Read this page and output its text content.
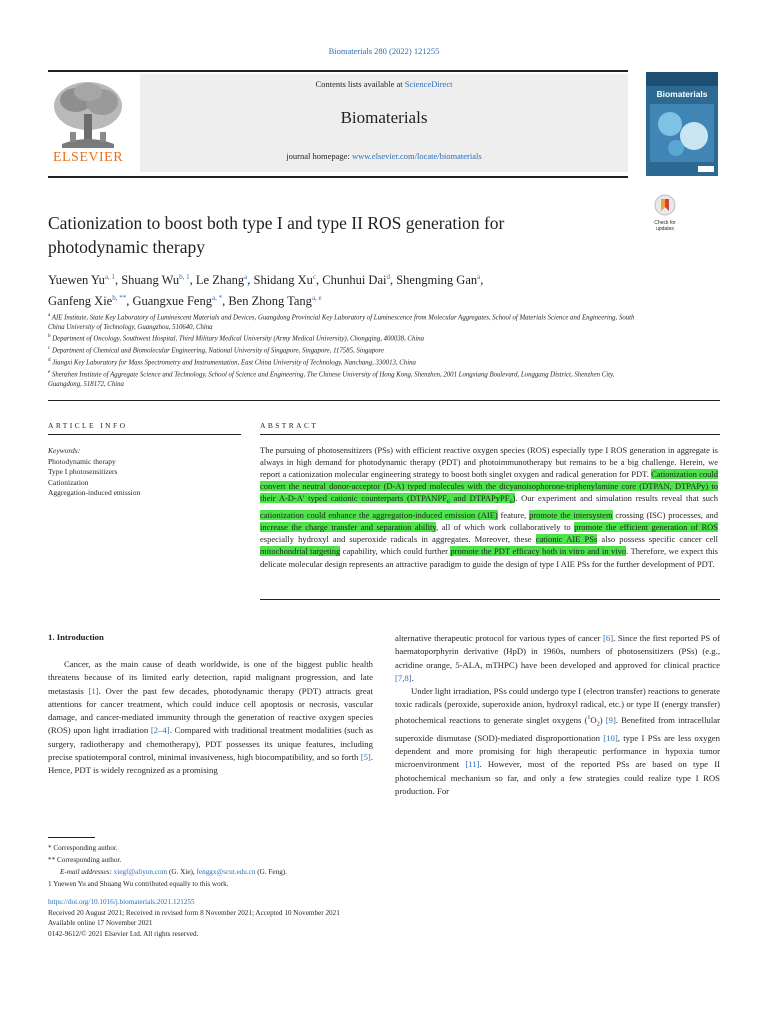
Biomaterials 280 (2022) 121255
Contents lists available at ScienceDirect
Biomaterials
journal homepage: www.elsevier.com/locate/biomaterials
ELSEVIER
Biomaterials
Check for updates
Cationization to boost both type I and type II ROS generation for
photodynamic therapy
Yuewen Yu$^{a, 1}$, Shuang Wu$^{b, 1}$, Le Zhang$^a$, Shidang Xu$^c$, Chunhui Dai$^d$, Shengming Gan$^a$,
Ganfeng Xie$^{b, **}$, Guangxue Feng$^{a, *}$, Ben Zhong Tang$^{a, e}$
$^a$ AIE Institute, State Key Laboratory of Luminescent Materials and Devices, Guangdong Provincial Key Laboratory of Luminescence from Molecular Aggregates, School of Materials Science and Engineering, South China University of Technology, Guangzhou, 510640, China
$^b$ Department of Oncology, Southwest Hospital, Third Military Medical University (Army Medical University), Chongqing, 400038, China
$^c$ Department of Chemical and Biomolecular Engineering, National University of Singapore, Singapore, 117585, Singapore
$^d$ Jiangxi Key Laboratory for Mass Spectrometry and Instrumentation, East China University of Technology, Nanchang, 330013, China
$^e$ Shenzhen Institute of Aggregate Science and Technology, School of Science and Engineering, The Chinese University of Hong Kong, Shenzhen, 2001 Longxiang Boulevard, Longgang District, Shenzhen City, Guangdong, 518172, China
ARTICLE INFO
Keywords:
Photodynamic therapy
Type I photosensitizers
Cationization
Aggregation-induced emission
ABSTRACT
The pursuing of photosensitizers (PSs) with efficient reactive oxygen species (ROS) especially type I ROS generation in aggregate is always in high demand for photodynamic therapy (PDT) and photoimmunotherapy but remains to be a big challenge. Herein, we report a cationization molecular engineering strategy to boost both singlet oxygen and radical generation for PDT. Cationization could convert the neutral donor-acceptor (D-A) typed molecules with the dicyanoisophorone-triphenylamine core (DTPAN, DTPAPy) to their A-D-A' typed cationic counterparts ($DTPANPF_6$ and DTPAPyPF$_6$). Our experiment and simulation results reveal that such cationization could enhance the aggregation-induced emission (AIE) feature, promote the intersystem crossing (ISC) processes, and increase the charge transfer and separation ability, all of which work collaboratively to promote the efficient generation of ROS especially hydroxyl and superoxide radicals in aggregates. Moreover, these cationic AIE PSs also possess specific cancer cell mitochondrial targeting capability, which could further promote the PDT efficacy both in vitro and in vivo. Therefore, we expect this delicate molecular design represents an attractive paradigm to guide the design of type I AIE PSs for the further development of PDT.
1. Introduction

Cancer, as the main cause of death worldwide, is one of the biggest public health threatens because of its limited early detection, rapid malignant progression, and late metastasis [1]. Over the past few decades, photodynamic therapy (PDT) attracts great attentions for cancer treatment, which could induce cell apoptosis or necrosis, vascular damage, and cancer-mediated immunity through the generation of reactive oxygen species (ROS) upon light irradiation [2–4]. Compared with traditional treatment modalities (such as surgery, radiotherapy and chemotherapy), PDT possesses its unique features, including precise spatiotemporal control, minimal invasiveness, high biocompatibility, and so forth [5]. Hence, PDT is widely recognized as a promising

alternative therapeutic protocol for various types of cancer [6]. Since the first reported PS of haematoporphyrin derivative (HpD) in 1960s, numbers of photosensitizers (PSs) (e.g., acridine orange, 5-ALA, mTHPC) have been developed and approved for clinical practice [7,8].

Under light irradiation, PSs could undergo type I (electron transfer) reactions to generate toxic radicals (peroxide, superoxide anion, hydroxyl radical, etc.) or type II (energy transfer) photochemical reactions to generate singlet oxygens $(^1O_2)$ [9]. Benefited from intracellular superoxide dismutase (SOD)-mediated disproportionation [10], type I PSs are less oxygen dependent and more promising for high therapeutic performance in hypoxia tumor microenvironment [11]. However, most of the reported PSs are based on type II photochemical mechanism so far, and only a few strategies could realize type I ROS production. For

* Corresponding author.
** Corresponding author.
E-mail addresses: xiegf@aliyun.com (G. Xie), fenggx@scut.edu.cn (G. Feng).
1 Yuewen Yu and Shuang Wu contributed equally to this work.
https://doi.org/10.1016/j.biomaterials.2021.121255
Received 20 August 2021; Received in revised form 8 November 2021; Accepted 10 November 2021
Available online 17 November 2021
0142-9612/© 2021 Elsevier Ltd. All rights reserved.
